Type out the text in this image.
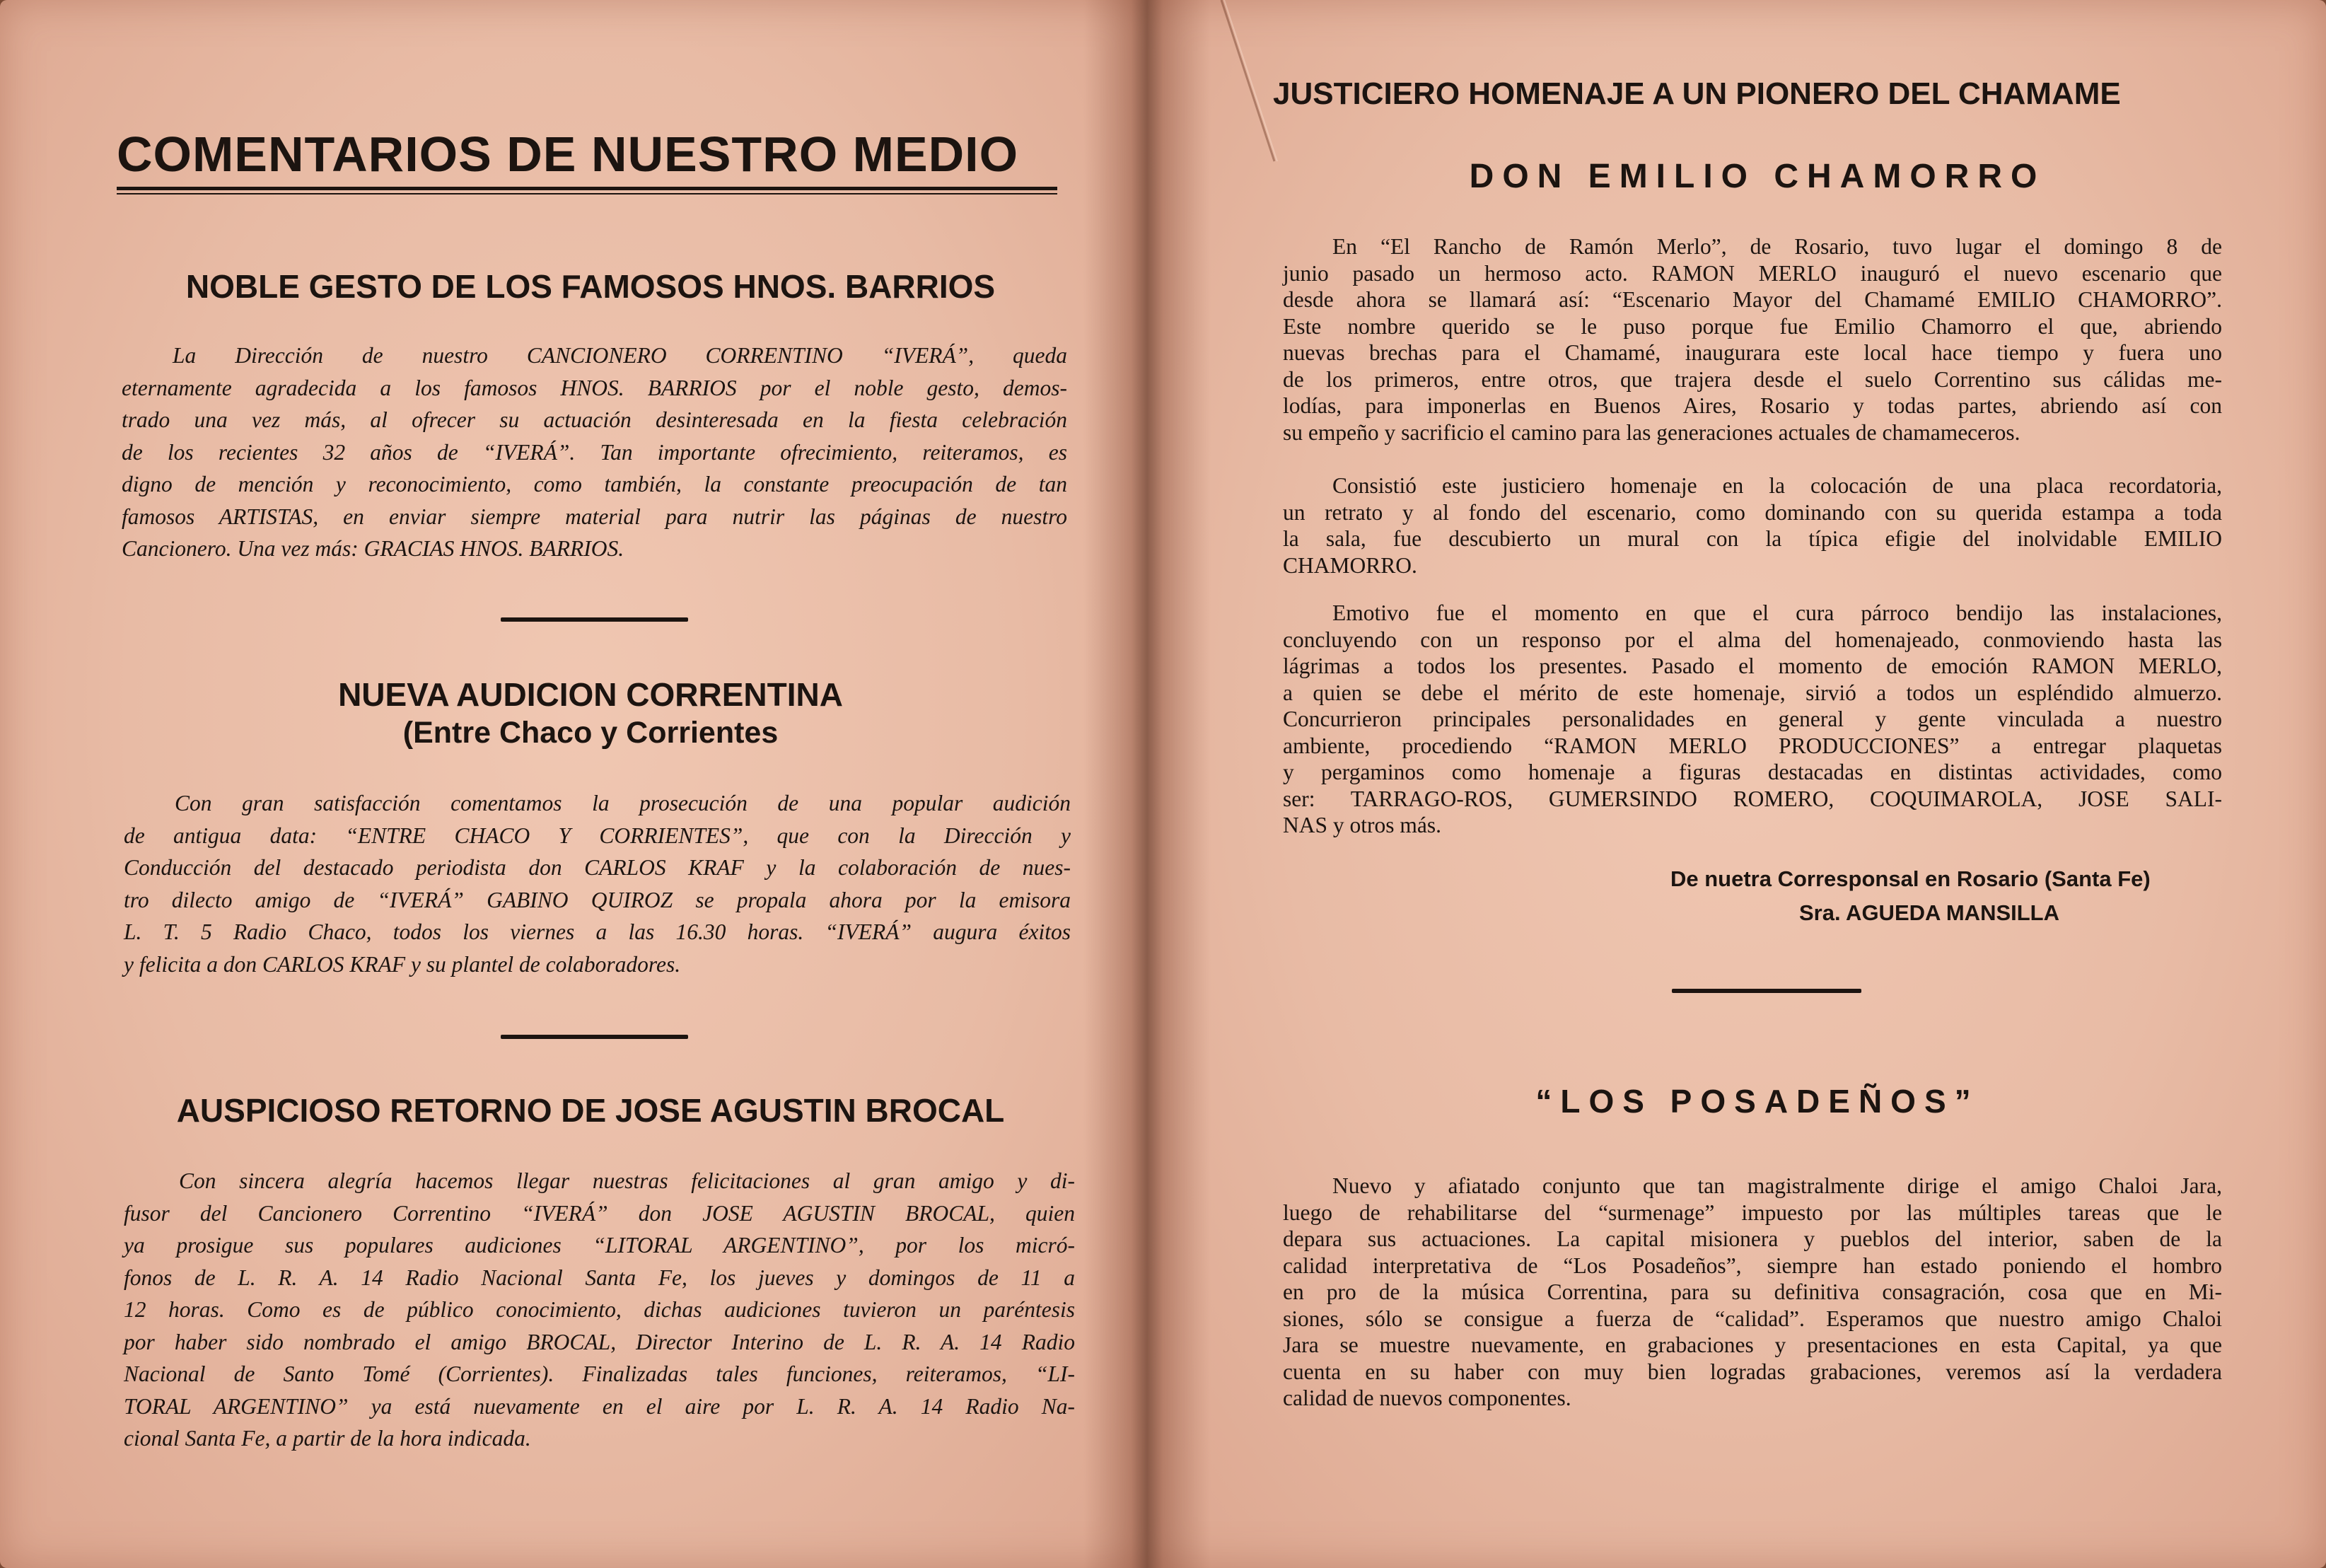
COMENTARIOS DE NUESTRO MEDIO
NOBLE GESTO DE LOS FAMOSOS HNOS. BARRIOS
La Dirección de nuestro CANCIONERO CORRENTINO “IVERÁ”, queda
eternamente agradecida a los famosos HNOS. BARRIOS por el noble gesto, demos-
trado una vez más, al ofrecer su actuación desinteresada en la fiesta celebración
de los recientes 32 años de “IVERÁ”. Tan importante ofrecimiento, reiteramos, es
digno de mención y reconocimiento, como también, la constante preocupación de tan
famosos ARTISTAS, en enviar siempre material para nutrir las páginas de nuestro
Cancionero. Una vez más: GRACIAS HNOS. BARRIOS.
NUEVA AUDICION CORRENTINA
(Entre Chaco y Corrientes
Con gran satisfacción comentamos la prosecución de una popular audición
de antigua data: “ENTRE CHACO Y CORRIENTES”, que con la Dirección y
Conducción del destacado periodista don CARLOS KRAF y la colaboración de nues-
tro dilecto amigo de “IVERÁ” GABINO QUIROZ se propala ahora por la emisora
L. T. 5 Radio Chaco, todos los viernes a las 16.30 horas. “IVERÁ” augura éxitos
y felicita a don CARLOS KRAF y su plantel de colaboradores.
AUSPICIOSO RETORNO DE JOSE AGUSTIN BROCAL
Con sincera alegría hacemos llegar nuestras felicitaciones al gran amigo y di-
fusor del Cancionero Correntino “IVERÁ” don JOSE AGUSTIN BROCAL, quien
ya prosigue sus populares audiciones “LITORAL ARGENTINO”, por los micró-
fonos de L. R. A. 14 Radio Nacional Santa Fe, los jueves y domingos de 11 a
12 horas. Como es de público conocimiento, dichas audiciones tuvieron un paréntesis
por haber sido nombrado el amigo BROCAL, Director Interino de L. R. A. 14 Radio
Nacional de Santo Tomé (Corrientes). Finalizadas tales funciones, reiteramos, “LI-
TORAL ARGENTINO” ya está nuevamente en el aire por L. R. A. 14 Radio Na-
cional Santa Fe, a partir de la hora indicada.
JUSTICIERO HOMENAJE A UN PIONERO DEL CHAMAME
DON EMILIO CHAMORRO
En “El Rancho de Ramón Merlo”, de Rosario, tuvo lugar el domingo 8 de
junio pasado un hermoso acto. RAMON MERLO inauguró el nuevo escenario que
desde ahora se llamará así: “Escenario Mayor del Chamamé EMILIO CHAMORRO”.
Este nombre querido se le puso porque fue Emilio Chamorro el que, abriendo
nuevas brechas para el Chamamé, inaugurara este local hace tiempo y fuera uno
de los primeros, entre otros, que trajera desde el suelo Correntino sus cálidas me-
lodías, para imponerlas en Buenos Aires, Rosario y todas partes, abriendo así con
su empeño y sacrificio el camino para las generaciones actuales de chamameceros.
Consistió este justiciero homenaje en la colocación de una placa recordatoria,
un retrato y al fondo del escenario, como dominando con su querida estampa a toda
la sala, fue descubierto un mural con la típica efigie del inolvidable EMILIO
CHAMORRO.
Emotivo fue el momento en que el cura párroco bendijo las instalaciones,
concluyendo con un responso por el alma del homenajeado, conmoviendo hasta las
lágrimas a todos los presentes. Pasado el momento de emoción RAMON MERLO,
a quien se debe el mérito de este homenaje, sirvió a todos un espléndido almuerzo.
Concurrieron principales personalidades en general y gente vinculada a nuestro
ambiente, procediendo “RAMON MERLO PRODUCCIONES” a entregar plaquetas
y pergaminos como homenaje a figuras destacadas en distintas actividades, como
ser: TARRAGO-ROS, GUMERSINDO ROMERO, COQUIMAROLA, JOSE SALI-
NAS y otros más.
De nuetra Corresponsal en Rosario (Santa Fe)
Sra. AGUEDA MANSILLA
“LOS POSADEÑOS”
Nuevo y afiatado conjunto que tan magistralmente dirige el amigo Chaloi Jara,
luego de rehabilitarse del “surmenage” impuesto por las múltiples tareas que le
depara sus actuaciones. La capital misionera y pueblos del interior, saben de la
calidad interpretativa de “Los Posadeños”, siempre han estado poniendo el hombro
en pro de la música Correntina, para su definitiva consagración, cosa que en Mi-
siones, sólo se consigue a fuerza de “calidad”. Esperamos que nuestro amigo Chaloi
Jara se muestre nuevamente, en grabaciones y presentaciones en esta Capital, ya que
cuenta en su haber con muy bien logradas grabaciones, veremos así la verdadera
calidad de nuevos componentes.
